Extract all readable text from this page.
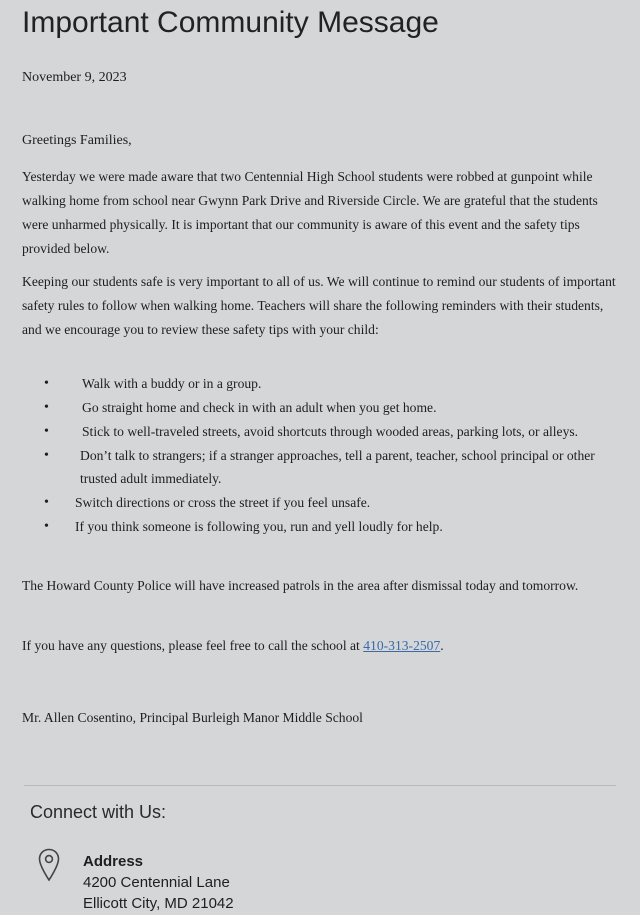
Important Community Message
November 9, 2023
Greetings Families,
Yesterday we were made aware that two Centennial High School students were robbed at gunpoint while walking home from school near Gwynn Park Drive and Riverside Circle. We are grateful that the students were unharmed physically. It is important that our community is aware of this event and the safety tips provided below.
Keeping our students safe is very important to all of us. We will continue to remind our students of important safety rules to follow when walking home. Teachers will share the following reminders with their students, and we encourage you to review these safety tips with your child:
• Walk with a buddy or in a group.
• Go straight home and check in with an adult when you get home.
• Stick to well-traveled streets, avoid shortcuts through wooded areas, parking lots, or alleys.
• Don’t talk to strangers; if a stranger approaches, tell a parent, teacher, school principal or other trusted adult immediately.
• Switch directions or cross the street if you feel unsafe.
• If you think someone is following you, run and yell loudly for help.
The Howard County Police will have increased patrols in the area after dismissal today and tomorrow.
If you have any questions, please feel free to call the school at 410-313-2507.
Mr. Allen Cosentino, Principal Burleigh Manor Middle School
Connect with Us:
Address
4200 Centennial Lane
Ellicott City, MD 21042
